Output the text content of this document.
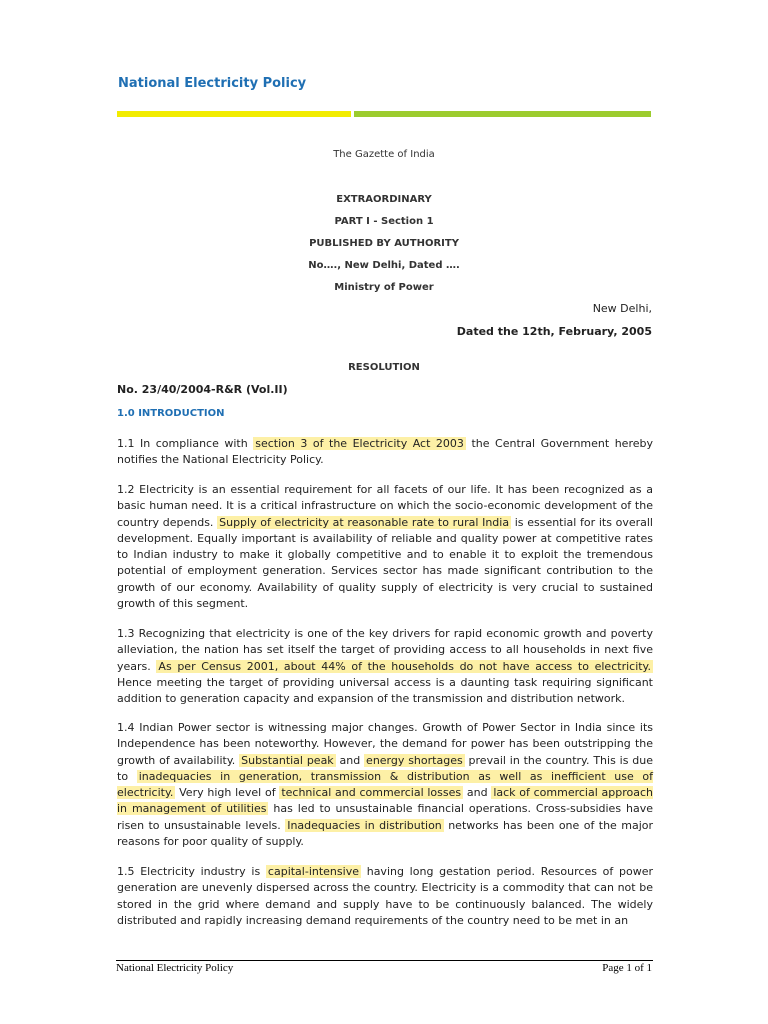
National Electricity Policy
The Gazette of India
EXTRAORDINARY
PART I - Section 1
PUBLISHED BY AUTHORITY
No…., New Delhi, Dated ….
Ministry of Power
New Delhi,
Dated the 12th, February, 2005
RESOLUTION
No. 23/40/2004-R&R (Vol.II)
1.0 INTRODUCTION

1.1 In compliance with section 3 of the Electricity Act 2003 the Central Government hereby notifies the National Electricity Policy.

1.2 Electricity is an essential requirement for all facets of our life. It has been recognized as a basic human need. It is a critical infrastructure on which the socio-economic development of the country depends. Supply of electricity at reasonable rate to rural India is essential for its overall development. Equally important is availability of reliable and quality power at competitive rates to Indian industry to make it globally competitive and to enable it to exploit the tremendous potential of employment generation. Services sector has made significant contribution to the growth of our economy. Availability of quality supply of electricity is very crucial to sustained growth of this segment.

1.3 Recognizing that electricity is one of the key drivers for rapid economic growth and poverty alleviation, the nation has set itself the target of providing access to all households in next five years. As per Census 2001, about 44% of the households do not have access to electricity. Hence meeting the target of providing universal access is a daunting task requiring significant addition to generation capacity and expansion of the transmission and distribution network.

1.4 Indian Power sector is witnessing major changes. Growth of Power Sector in India since its Independence has been noteworthy. However, the demand for power has been outstripping the growth of availability. Substantial peak and energy shortages prevail in the country. This is due to inadequacies in generation, transmission & distribution as well as inefficient use of electricity. Very high level of technical and commercial losses and lack of commercial approach in management of utilities has led to unsustainable financial operations. Cross-subsidies have risen to unsustainable levels. Inadequacies in distribution networks has been one of the major reasons for poor quality of supply.

1.5 Electricity industry is capital-intensive having long gestation period. Resources of power generation are unevenly dispersed across the country. Electricity is a commodity that can not be stored in the grid where demand and supply have to be continuously balanced. The widely distributed and rapidly increasing demand requirements of the country need to be met in an

National Electricity Policy	Page 1 of 1
